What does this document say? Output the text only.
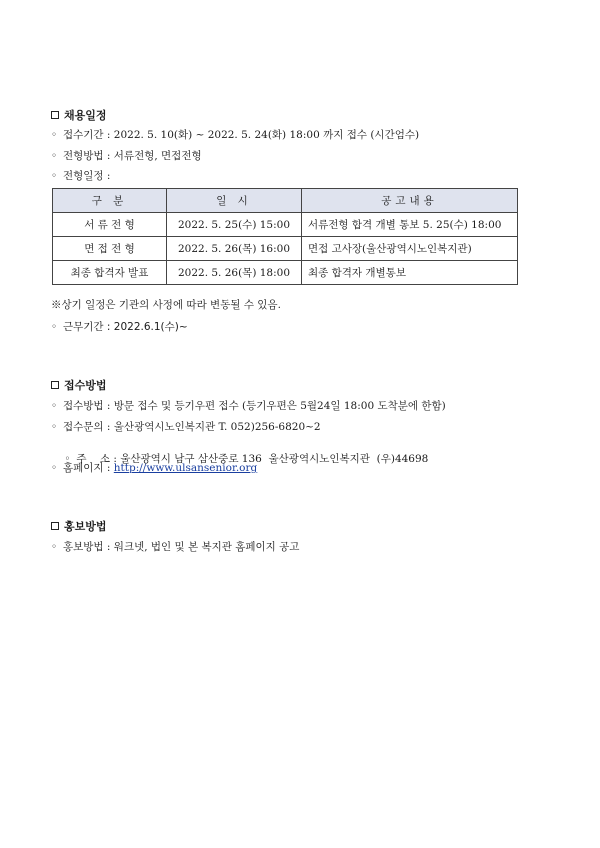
채용일정
◦ 접수기간 : 2022. 5. 10(화) ~ 2022. 5. 24(화) 18:00 까지 접수 (시간엄수)
◦ 전형방법 : 서류전형, 면접전형
◦ 전형일정 :
구 분	일 시	공고내용
서 류 전 형	2022. 5. 25(수) 15:00	서류전형 합격 개별 통보 5. 25(수) 18:00
면 접 전 형	2022. 5. 26(목) 16:00	면접 고사장(울산광역시노인복지관)
최종 합격자 발표	2022. 5. 26(목) 18:00	최종 합격자 개별통보
※상기 일정은 기관의 사정에 따라 변동될 수 있음.
◦ 근무기간 : 2022.6.1(수)~
접수방법
◦ 접수방법 : 방문 접수 및 등기우편 접수 (등기우편은 5월24일 18:00 도착분에 한함)
◦ 접수문의 : 울산광역시노인복지관 T. 052)256-6820~2

◦ 주    소 : 울산광역시 남구 삼산중로 136  울산광역시노인복지관  (우)44698

◦ 홈페이지 : http://www.ulsansenior.org
홍보방법
◦ 홍보방법 : 워크넷, 법인 및 본 복지관 홈페이지 공고
